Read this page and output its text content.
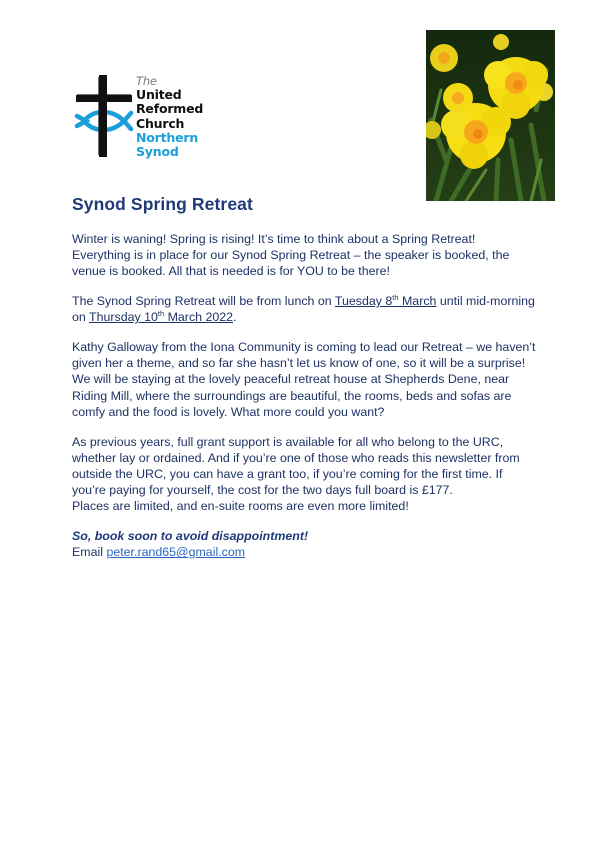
The
United
Reformed
Church
Northern
Synod
Synod Spring Retreat

Winter is waning! Spring is rising! It’s time to think about a Spring Retreat!
Everything is in place for our Synod Spring Retreat – the speaker is booked, the
venue is booked. All that is needed is for YOU to be there!

The Synod Spring Retreat will be from lunch on Tuesday 8th March until mid-morning
on Thursday 10th March 2022.

Kathy Galloway from the Iona Community is coming to lead our Retreat – we haven’t
given her a theme, and so far she hasn’t let us know of one, so it will be a surprise!
We will be staying at the lovely peaceful retreat house at Shepherds Dene, near
Riding Mill, where the surroundings are beautiful, the rooms, beds and sofas are
comfy and the food is lovely. What more could you want?

As previous years, full grant support is available for all who belong to the URC,
whether lay or ordained. And if you’re one of those who reads this newsletter from
outside the URC, you can have a grant too, if you’re coming for the first time. If
you’re paying for yourself, the cost for the two days full board is £177.
Places are limited, and en-suite rooms are even more limited!

So, book soon to avoid disappointment!
Email peter.rand65@gmail.com
